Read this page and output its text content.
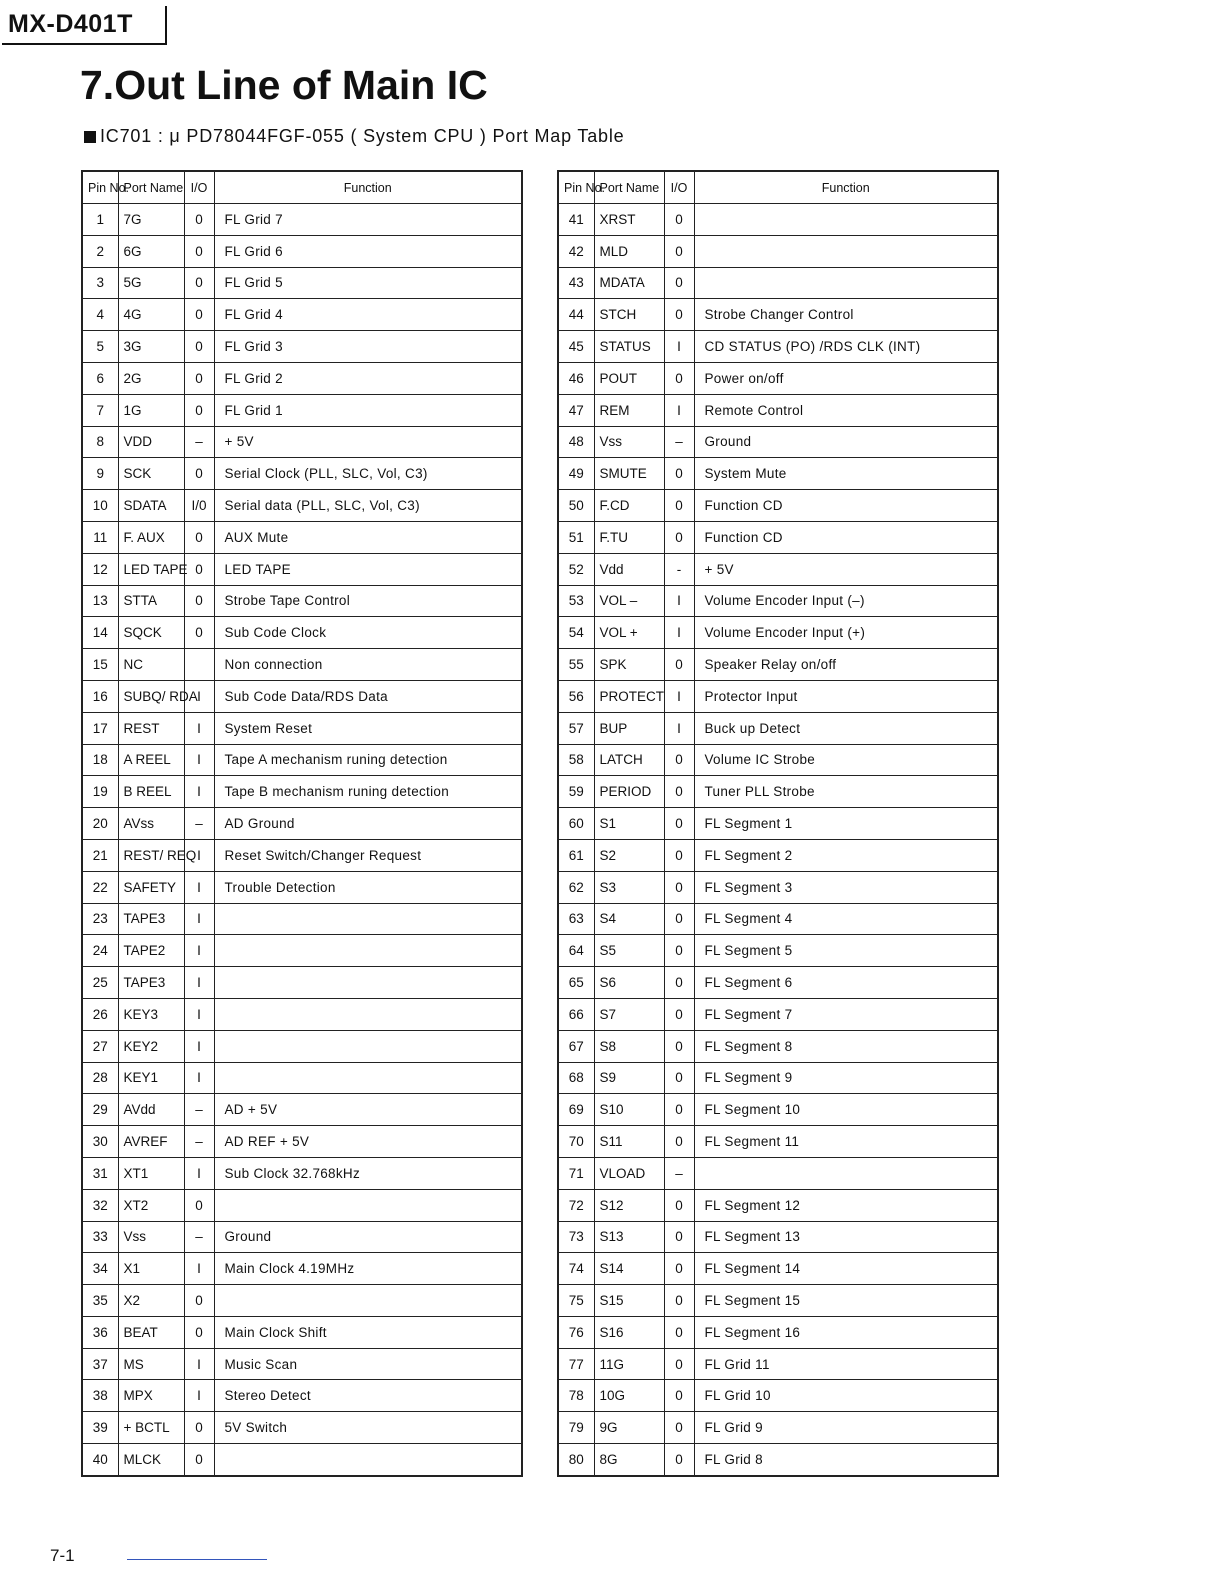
MX-D401T
7.Out Line of Main IC
IC701 : μ PD78044FGF-055 ( System CPU ) Port Map Table
Pin No.	Port Name	I/O	Function
1	7G	0	FL Grid 7
2	6G	0	FL Grid 6
3	5G	0	FL Grid 5
4	4G	0	FL Grid 4
5	3G	0	FL Grid 3
6	2G	0	FL Grid 2
7	1G	0	FL Grid 1
8	VDD	–	+ 5V
9	SCK	0	Serial Clock (PLL, SLC, Vol, C3)
10	SDATA	I/0	Serial data (PLL, SLC, Vol, C3)
11	F. AUX	0	AUX Mute
12	LED TAPE	0	LED TAPE
13	STTA	0	Strobe Tape Control
14	SQCK	0	Sub Code Clock
15	NC		Non connection
16	SUBQ/ RDA	I	Sub Code Data/RDS Data
17	REST	I	System Reset
18	A REEL	I	Tape A mechanism runing detection
19	B REEL	I	Tape B mechanism runing detection
20	AVss	–	AD Ground
21	REST/ REQ	I	Reset Switch/Changer Request
22	SAFETY	I	Trouble Detection
23	TAPE3	I	
24	TAPE2	I	
25	TAPE3	I	
26	KEY3	I	
27	KEY2	I	
28	KEY1	I	
29	AVdd	–	AD + 5V
30	AVREF	–	AD REF + 5V
31	XT1	I	Sub Clock 32.768kHz
32	XT2	0	
33	Vss	–	Ground
34	X1	I	Main Clock 4.19MHz
35	X2	0	
36	BEAT	0	Main Clock Shift
37	MS	I	Music Scan
38	MPX	I	Stereo Detect
39	+ BCTL	0	5V Switch
40	MLCK	0	
Pin No.	Port Name	I/O	Function
41	XRST	0	
42	MLD	0	
43	MDATA	0	
44	STCH	0	Strobe Changer Control
45	STATUS	I	CD STATUS (PO) /RDS CLK (INT)
46	POUT	0	Power on/off
47	REM	I	Remote Control
48	Vss	–	Ground
49	SMUTE	0	System Mute
50	F.CD	0	Function CD
51	F.TU	0	Function CD
52	Vdd	-	+ 5V
53	VOL –	I	Volume Encoder Input (–)
54	VOL +	I	Volume Encoder Input (+)
55	SPK	0	Speaker Relay on/off
56	PROTECT	I	Protector Input
57	BUP	I	Buck up Detect
58	LATCH	0	Volume IC Strobe
59	PERIOD	0	Tuner PLL Strobe
60	S1	0	FL Segment 1
61	S2	0	FL Segment 2
62	S3	0	FL Segment 3
63	S4	0	FL Segment 4
64	S5	0	FL Segment 5
65	S6	0	FL Segment 6
66	S7	0	FL Segment 7
67	S8	0	FL Segment 8
68	S9	0	FL Segment 9
69	S10	0	FL Segment 10
70	S11	0	FL Segment 11
71	VLOAD	–	
72	S12	0	FL Segment 12
73	S13	0	FL Segment 13
74	S14	0	FL Segment 14
75	S15	0	FL Segment 15
76	S16	0	FL Segment 16
77	11G	0	FL Grid 11
78	10G	0	FL Grid 10
79	9G	0	FL Grid 9
80	8G	0	FL Grid 8
7-1
